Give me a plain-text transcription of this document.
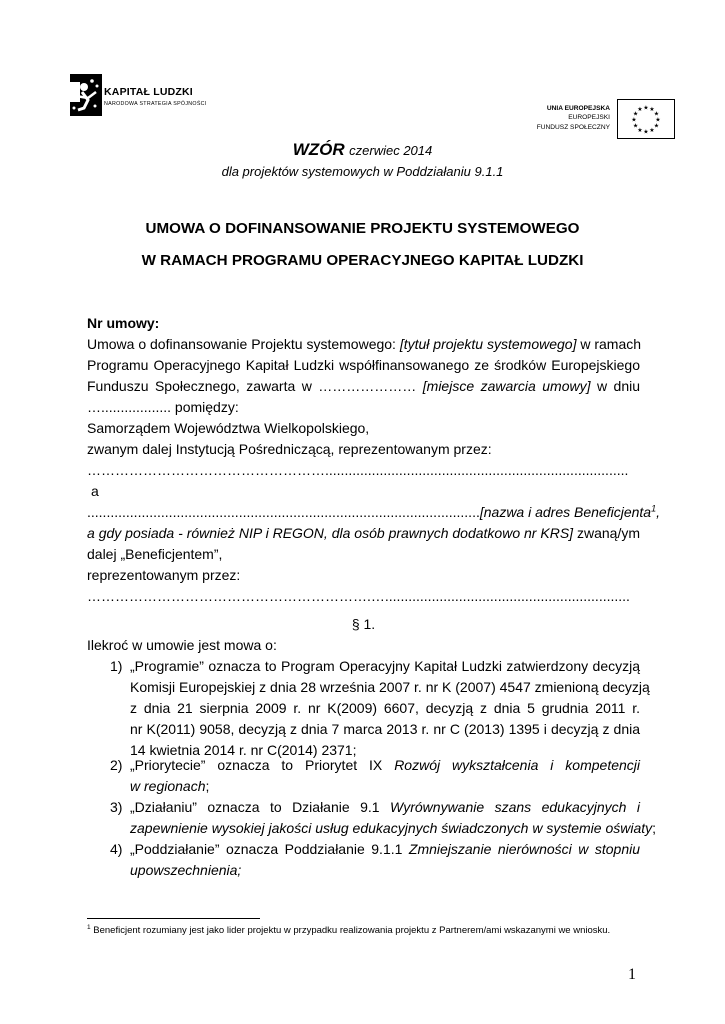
KAPITAŁ LUDZKI
NARODOWA STRATEGIA SPÓJNOŚCI
UNIA EUROPEJSKA
EUROPEJSKI
FUNDUSZ SPOŁECZNY
★ ★
★
★
★
★
★
★
★
★
★
★
WZÓR czerwiec 2014
dla projektów systemowych w Poddziałaniu 9.1.1
UMOWA O DOFINANSOWANIE PROJEKTU SYSTEMOWEGO
W RAMACH PROGRAMU OPERACYJNEGO KAPITAŁ LUDZKI
Nr umowy:
Umowa o dofinansowanie Projektu systemowego: [tytuł projektu systemowego] w ramach
Programu Operacyjnego Kapitał Ludzki współfinansowanego ze środków Europejskiego
Funduszu Społecznego, zawarta w ………………… [miejsce zawarcia umowy] w dniu
….................. pomiędzy:
Samorządem Województwa Wielkopolskiego,
zwanym dalej Instytucją Pośredniczącą, reprezentowanym przez:
……………………………………………..............................................................................
a
.....................................................................................................[nazwa i adres Beneficjenta$^1$,
a gdy posiada - również NIP i REGON, dla osób prawnych dodatkowo nr KRS] zwaną/ym
dalej „Beneficjentem”,
reprezentowanym przez:
…………………………………………………….…...............................................................
§ 1.
Ilekroć w umowie jest mowa o:
1) „Programie” oznacza to Program Operacyjny Kapitał Ludzki zatwierdzony decyzją
Komisji Europejskiej z dnia 28 września 2007 r. nr K (2007) 4547 zmienioną decyzją
z dnia 21 sierpnia 2009 r. nr K(2009) 6607, decyzją z dnia 5 grudnia 2011 r.
nr K(2011) 9058, decyzją z dnia 7 marca 2013 r. nr C (2013) 1395 i decyzją z dnia
14 kwietnia 2014 r. nr C(2014) 2371;
2) „Priorytecie” oznacza to Priorytet IX Rozwój wykształcenia i kompetencji
w regionach;
3) „Działaniu” oznacza to Działanie 9.1 Wyrównywanie szans edukacyjnych i
zapewnienie wysokiej jakości usług edukacyjnych świadczonych w systemie oświaty;
4) „Poddziałanie” oznacza Poddziałanie 9.1.1 Zmniejszanie nierówności w stopniu
upowszechnienia;
$^1$ Beneficjent rozumiany jest jako lider projektu w przypadku realizowania projektu z Partnerem/ami wskazanymi we wniosku.
1
